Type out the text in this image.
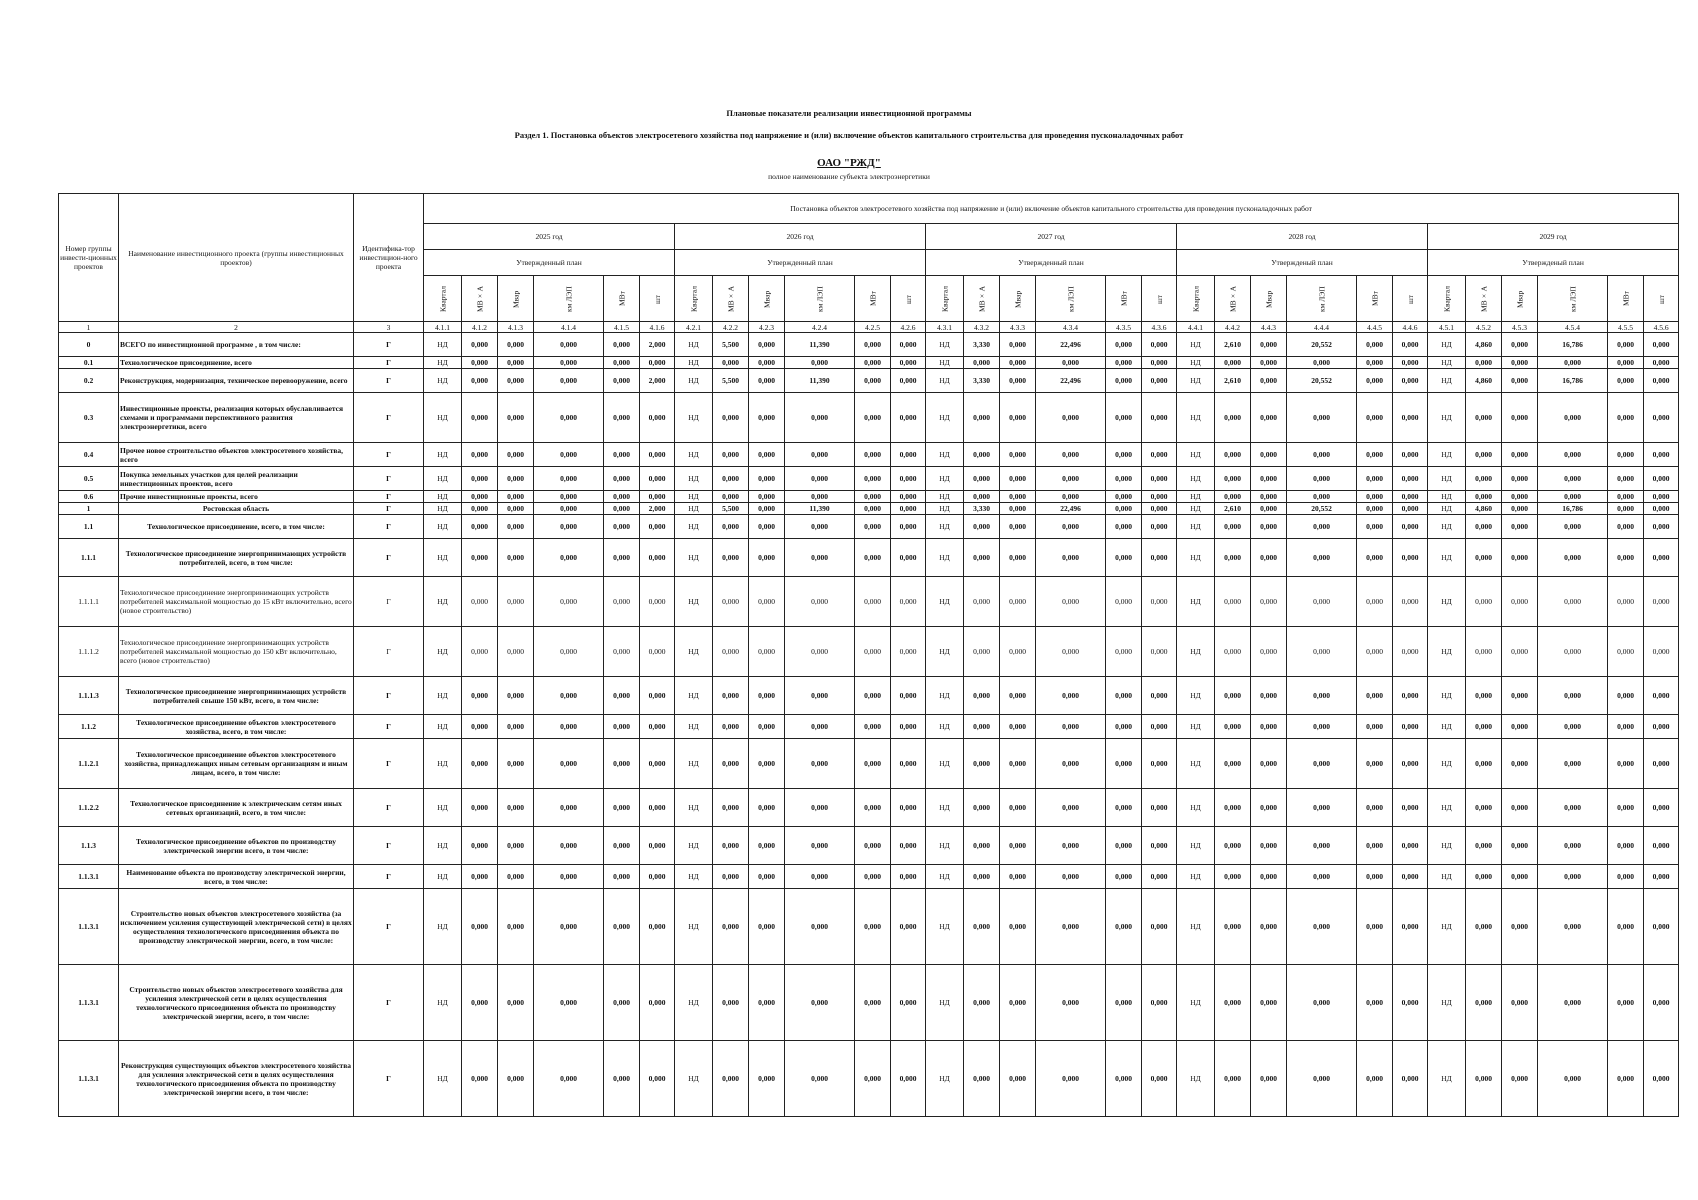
Плановые показатели реализации инвестиционной программы
Раздел 1. Постановка объектов электросетевого хозяйства под напряжение и (или) включение объектов капитального строительства для проведения пусконаладочных работ
ОАО "РЖД"
полное наименование субъекта электроэнергетики
Номер группы инвести-ционных проектов	Наименование инвестиционного проекта (группы инвестиционных проектов)	Идентифика-тор инвестицион-ного проекта	Постановка объектов электросетевого хозяйства под напряжение и (или) включение объектов капитального строительства для проведения пусконаладочных работ																													
			2025 год						2026 год						2027 год						2028 год						2029 год					
			Утвержденный план						Утвержденный план						Утвержденный план						Утвержденый план						Утвержденый план					
			Квартал	МВ×А	Мвар	км ЛЭП	МВт	шт	Квартал	МВ×А	Мвар	км ЛЭП	МВт	шт	Квартал	МВ×А	Мвар	км ЛЭП	МВт	шт	Квартал	МВ×А	Мвар	км ЛЭП	МВт	шт	Квартал	МВ×А	Мвар	км ЛЭП	МВт	шт
1	2	3	4.1.1	4.1.2	4.1.3	4.1.4	4.1.5	4.1.6	4.2.1	4.2.2	4.2.3	4.2.4	4.2.5	4.2.6	4.3.1	4.3.2	4.3.3	4.3.4	4.3.5	4.3.6	4.4.1	4.4.2	4.4.3	4.4.4	4.4.5	4.4.6	4.5.1	4.5.2	4.5.3	4.5.4	4.5.5	4.5.6
0	ВСЕГО по инвестиционной программе , в том числе:	Г	НД	0,000	0,000	0,000	0,000	2,000	НД	5,500	0,000	11,390	0,000	0,000	НД	3,330	0,000	22,496	0,000	0,000	НД	2,610	0,000	20,552	0,000	0,000	НД	4,860	0,000	16,786	0,000	0,000
0.1	Технологическое присоединение, всего	Г	НД	0,000	0,000	0,000	0,000	0,000	НД	0,000	0,000	0,000	0,000	0,000	НД	0,000	0,000	0,000	0,000	0,000	НД	0,000	0,000	0,000	0,000	0,000	НД	0,000	0,000	0,000	0,000	0,000
0.2	Реконструкция, модернизация, техническое перевооружение, всего	Г	НД	0,000	0,000	0,000	0,000	2,000	НД	5,500	0,000	11,390	0,000	0,000	НД	3,330	0,000	22,496	0,000	0,000	НД	2,610	0,000	20,552	0,000	0,000	НД	4,860	0,000	16,786	0,000	0,000
0.3	Инвестиционные проекты, реализация которых обуславливается схемами и программами перспективного развития электроэнергетики, всего	Г	НД	0,000	0,000	0,000	0,000	0,000	НД	0,000	0,000	0,000	0,000	0,000	НД	0,000	0,000	0,000	0,000	0,000	НД	0,000	0,000	0,000	0,000	0,000	НД	0,000	0,000	0,000	0,000	0,000
0.4	Прочее новое строительство объектов электросетевого хозяйства, всего	Г	НД	0,000	0,000	0,000	0,000	0,000	НД	0,000	0,000	0,000	0,000	0,000	НД	0,000	0,000	0,000	0,000	0,000	НД	0,000	0,000	0,000	0,000	0,000	НД	0,000	0,000	0,000	0,000	0,000
0.5	Покупка земельных участков для целей реализации инвестиционных проектов, всего	Г	НД	0,000	0,000	0,000	0,000	0,000	НД	0,000	0,000	0,000	0,000	0,000	НД	0,000	0,000	0,000	0,000	0,000	НД	0,000	0,000	0,000	0,000	0,000	НД	0,000	0,000	0,000	0,000	0,000
0.6	Прочие инвестиционные проекты, всего	Г	НД	0,000	0,000	0,000	0,000	0,000	НД	0,000	0,000	0,000	0,000	0,000	НД	0,000	0,000	0,000	0,000	0,000	НД	0,000	0,000	0,000	0,000	0,000	НД	0,000	0,000	0,000	0,000	0,000
1	Ростовская область	Г	НД	0,000	0,000	0,000	0,000	2,000	НД	5,500	0,000	11,390	0,000	0,000	НД	3,330	0,000	22,496	0,000	0,000	НД	2,610	0,000	20,552	0,000	0,000	НД	4,860	0,000	16,786	0,000	0,000
1.1	Технологическое присоединение, всего, в том числе:	Г	НД	0,000	0,000	0,000	0,000	0,000	НД	0,000	0,000	0,000	0,000	0,000	НД	0,000	0,000	0,000	0,000	0,000	НД	0,000	0,000	0,000	0,000	0,000	НД	0,000	0,000	0,000	0,000	0,000
1.1.1	Технологическое присоединение энергопринимающих устройств потребителей, всего, в том числе:	Г	НД	0,000	0,000	0,000	0,000	0,000	НД	0,000	0,000	0,000	0,000	0,000	НД	0,000	0,000	0,000	0,000	0,000	НД	0,000	0,000	0,000	0,000	0,000	НД	0,000	0,000	0,000	0,000	0,000
1.1.1.1	Технологическое присоединение энергопринимающих устройств потребителей максимальной мощностью до 15 кВт включительно, всего (новое строительство)	Г	НД	0,000	0,000	0,000	0,000	0,000	НД	0,000	0,000	0,000	0,000	0,000	НД	0,000	0,000	0,000	0,000	0,000	НД	0,000	0,000	0,000	0,000	0,000	НД	0,000	0,000	0,000	0,000	0,000
1.1.1.2	Технологическое присоединение энергопринимающих устройств потребителей максимальной мощностью до 150 кВт включительно, всего (новое строительство)	Г	НД	0,000	0,000	0,000	0,000	0,000	НД	0,000	0,000	0,000	0,000	0,000	НД	0,000	0,000	0,000	0,000	0,000	НД	0,000	0,000	0,000	0,000	0,000	НД	0,000	0,000	0,000	0,000	0,000
1.1.1.3	Технологическое присоединение энергопринимающих устройств потребителей свыше 150 кВт, всего, в том числе:	Г	НД	0,000	0,000	0,000	0,000	0,000	НД	0,000	0,000	0,000	0,000	0,000	НД	0,000	0,000	0,000	0,000	0,000	НД	0,000	0,000	0,000	0,000	0,000	НД	0,000	0,000	0,000	0,000	0,000
1.1.2	Технологическое присоединение объектов электросетевого хозяйства, всего, в том числе:	Г	НД	0,000	0,000	0,000	0,000	0,000	НД	0,000	0,000	0,000	0,000	0,000	НД	0,000	0,000	0,000	0,000	0,000	НД	0,000	0,000	0,000	0,000	0,000	НД	0,000	0,000	0,000	0,000	0,000
1.1.2.1	Технологическое присоединение объектов электросетевого хозяйства, принадлежащих иным сетевым организациям и иным лицам, всего, в том числе:	Г	НД	0,000	0,000	0,000	0,000	0,000	НД	0,000	0,000	0,000	0,000	0,000	НД	0,000	0,000	0,000	0,000	0,000	НД	0,000	0,000	0,000	0,000	0,000	НД	0,000	0,000	0,000	0,000	0,000
1.1.2.2	Технологическое присоединение к электрическим сетям иных сетевых организаций, всего, в том числе:	Г	НД	0,000	0,000	0,000	0,000	0,000	НД	0,000	0,000	0,000	0,000	0,000	НД	0,000	0,000	0,000	0,000	0,000	НД	0,000	0,000	0,000	0,000	0,000	НД	0,000	0,000	0,000	0,000	0,000
1.1.3	Технологическое присоединение объектов по производству электрической энергии всего, в том числе:	Г	НД	0,000	0,000	0,000	0,000	0,000	НД	0,000	0,000	0,000	0,000	0,000	НД	0,000	0,000	0,000	0,000	0,000	НД	0,000	0,000	0,000	0,000	0,000	НД	0,000	0,000	0,000	0,000	0,000
1.1.3.1	Наименование объекта по производству электрической энергии, всего, в том числе:	Г	НД	0,000	0,000	0,000	0,000	0,000	НД	0,000	0,000	0,000	0,000	0,000	НД	0,000	0,000	0,000	0,000	0,000	НД	0,000	0,000	0,000	0,000	0,000	НД	0,000	0,000	0,000	0,000	0,000
1.1.3.1	Строительство новых объектов электросетевого хозяйства (за исключением усиления существующей электрической сети) в целях осуществления технологического присоединения объекта по производству электрической энергии, всего, в том числе:	Г	НД	0,000	0,000	0,000	0,000	0,000	НД	0,000	0,000	0,000	0,000	0,000	НД	0,000	0,000	0,000	0,000	0,000	НД	0,000	0,000	0,000	0,000	0,000	НД	0,000	0,000	0,000	0,000	0,000
1.1.3.1	Строительство новых объектов электросетевого хозяйства для усиления электрической сети в целях осуществления технологического присоединения объекта по производству электрической энергии, всего, в том числе:	Г	НД	0,000	0,000	0,000	0,000	0,000	НД	0,000	0,000	0,000	0,000	0,000	НД	0,000	0,000	0,000	0,000	0,000	НД	0,000	0,000	0,000	0,000	0,000	НД	0,000	0,000	0,000	0,000	0,000
1.1.3.1	Реконструкция существующих объектов электросетевого хозяйства для усиления электрической сети в целях осуществления технологического присоединения объекта по производству электрической энергии всего, в том числе:	Г	НД	0,000	0,000	0,000	0,000	0,000	НД	0,000	0,000	0,000	0,000	0,000	НД	0,000	0,000	0,000	0,000	0,000	НД	0,000	0,000	0,000	0,000	0,000	НД	0,000	0,000	0,000	0,000	0,000
